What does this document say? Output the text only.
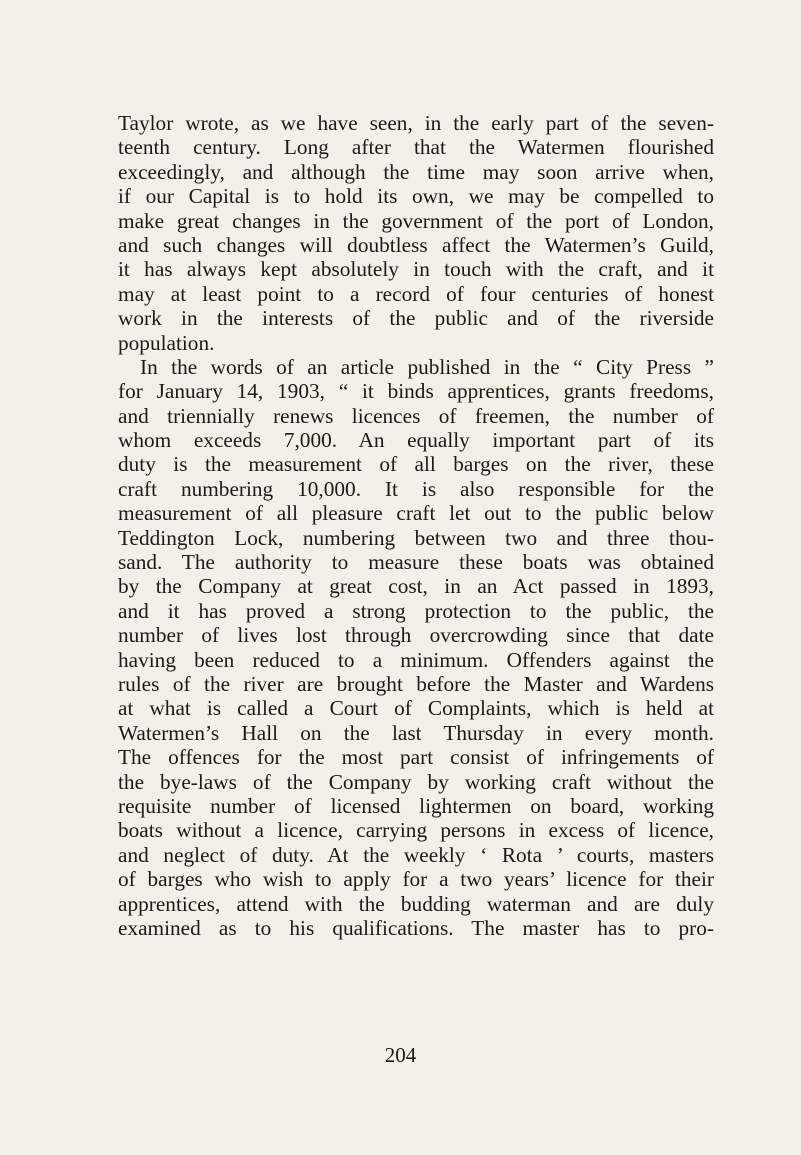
Taylor wrote, as we have seen, in the early part of the seven-
teenth century. Long after that the Watermen flourished
exceedingly, and although the time may soon arrive when,
if our Capital is to hold its own, we may be compelled to
make great changes in the government of the port of London,
and such changes will doubtless affect the Watermen’s Guild,
it has always kept absolutely in touch with the craft, and it
may at least point to a record of four centuries of honest
work in the interests of the public and of the riverside
population.
In the words of an article published in the “ City Press ”
for January 14, 1903, “ it binds apprentices, grants freedoms,
and triennially renews licences of freemen, the number of
whom exceeds 7,000. An equally important part of its
duty is the measurement of all barges on the river, these
craft numbering 10,000. It is also responsible for the
measurement of all pleasure craft let out to the public below
Teddington Lock, numbering between two and three thou-
sand. The authority to measure these boats was obtained
by the Company at great cost, in an Act passed in 1893,
and it has proved a strong protection to the public, the
number of lives lost through overcrowding since that date
having been reduced to a minimum. Offenders against the
rules of the river are brought before the Master and Wardens
at what is called a Court of Complaints, which is held at
Watermen’s Hall on the last Thursday in every month.
The offences for the most part consist of infringements of
the bye-laws of the Company by working craft without the
requisite number of licensed lightermen on board, working
boats without a licence, carrying persons in excess of licence,
and neglect of duty. At the weekly ‘ Rota ’ courts, masters
of barges who wish to apply for a two years’ licence for their
apprentices, attend with the budding waterman and are duly
examined as to his qualifications. The master has to pro-
204
